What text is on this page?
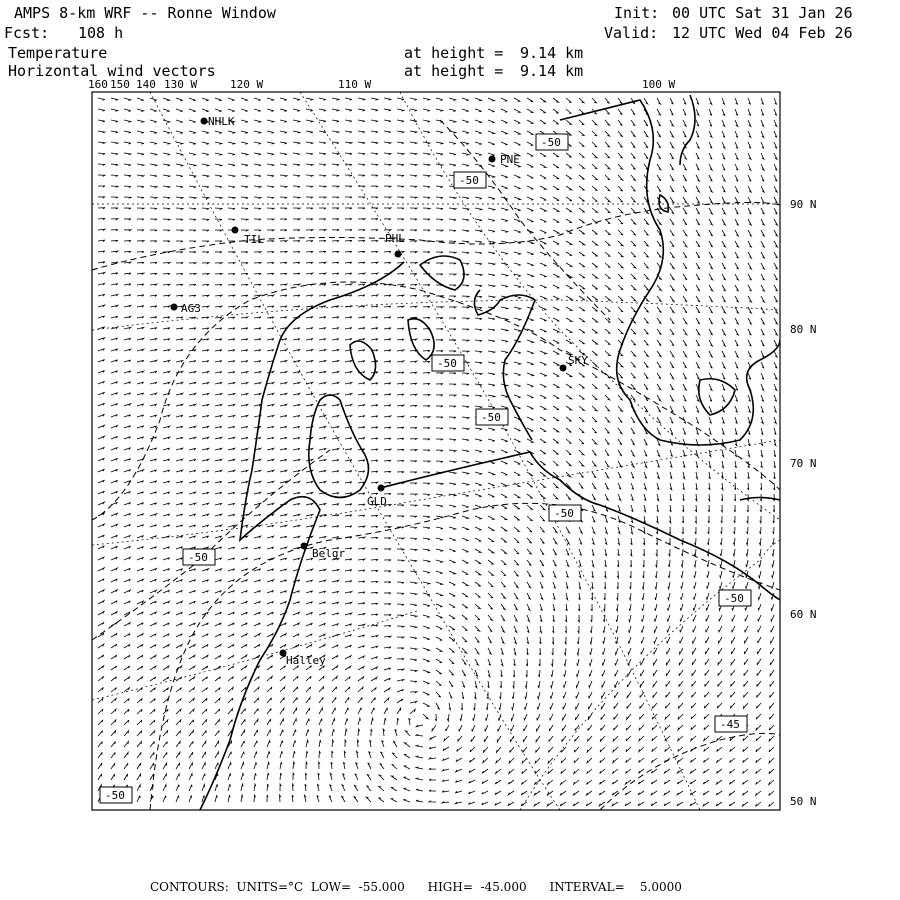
AMPS 8-km WRF -- Ronne Window
Fcst: 108 h
Temperature
Horizontal wind vectors
at height = 9.14 km
at height = 9.14 km
Init: 00 UTC Sat 31 Jan 26
Valid: 12 UTC Wed 04 Feb 26
160 150 140 130 W	120 W	110 W	100 W
90 N
80 N
70 N
60 N
50 N
NHLK
PNE
TIL	PHL
AG3
SKY
GLD
Belgr
Halley
-50
-50
-50
-50
-50
-50
-50
-45
-50
CONTOURS:  UNITS=°C  LOW=  -55.000      HIGH=  -45.000      INTERVAL=    5.0000
